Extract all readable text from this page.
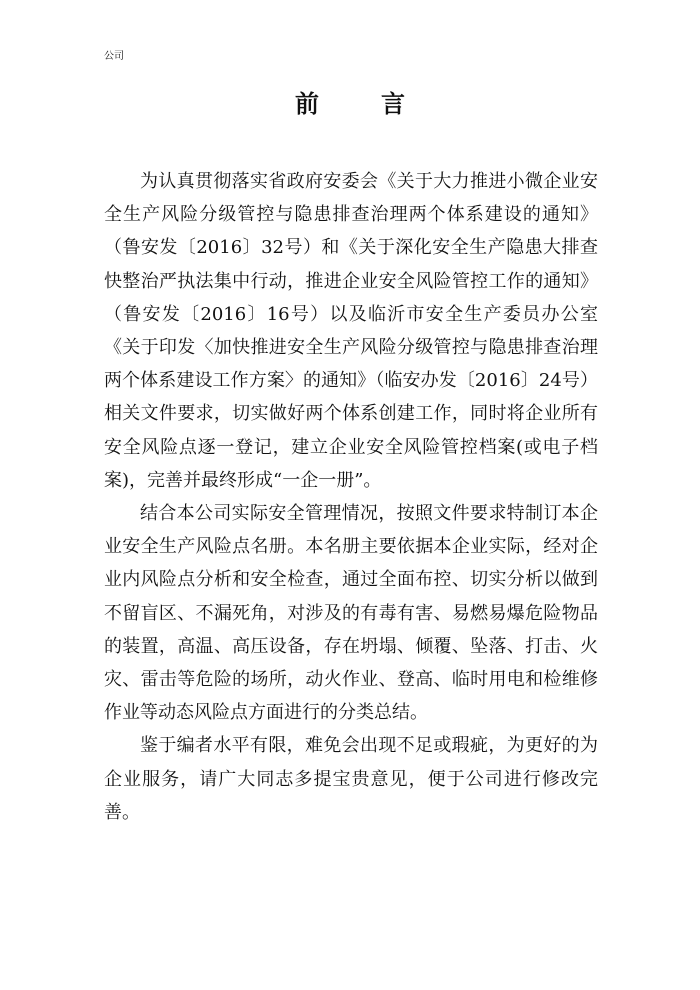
公司
前	言

为认真贯彻落实省政府安委会《关于大力推进小微企业安全生产风险分级管控与隐患排查治理两个体系建设的通知》（鲁安发〔2016〕32号）和《关于深化安全生产隐患大排查快整治严执法集中行动，推进企业安全风险管控工作的通知》（鲁安发〔2016〕16号）以及临沂市安全生产委员办公室《关于印发〈加快推进安全生产风险分级管控与隐患排查治理两个体系建设工作方案〉的通知》（临安办发〔2016〕24号）相关文件要求，切实做好两个体系创建工作，同时将企业所有安全风险点逐一登记，建立企业安全风险管控档案(或电子档案)，完善并最终形成“一企一册”。

结合本公司实际安全管理情况，按照文件要求特制订本企业安全生产风险点名册。本名册主要依据本企业实际，经对企业内风险点分析和安全检查，通过全面布控、切实分析以做到不留盲区、不漏死角，对涉及的有毒有害、易燃易爆危险物品的装置，高温、高压设备，存在坍塌、倾覆、坠落、打击、火灾、雷击等危险的场所，动火作业、登高、临时用电和检维修作业等动态风险点方面进行的分类总结。

鉴于编者水平有限，难免会出现不足或瑕疵，为更好的为企业服务，请广大同志多提宝贵意见，便于公司进行修改完善。
